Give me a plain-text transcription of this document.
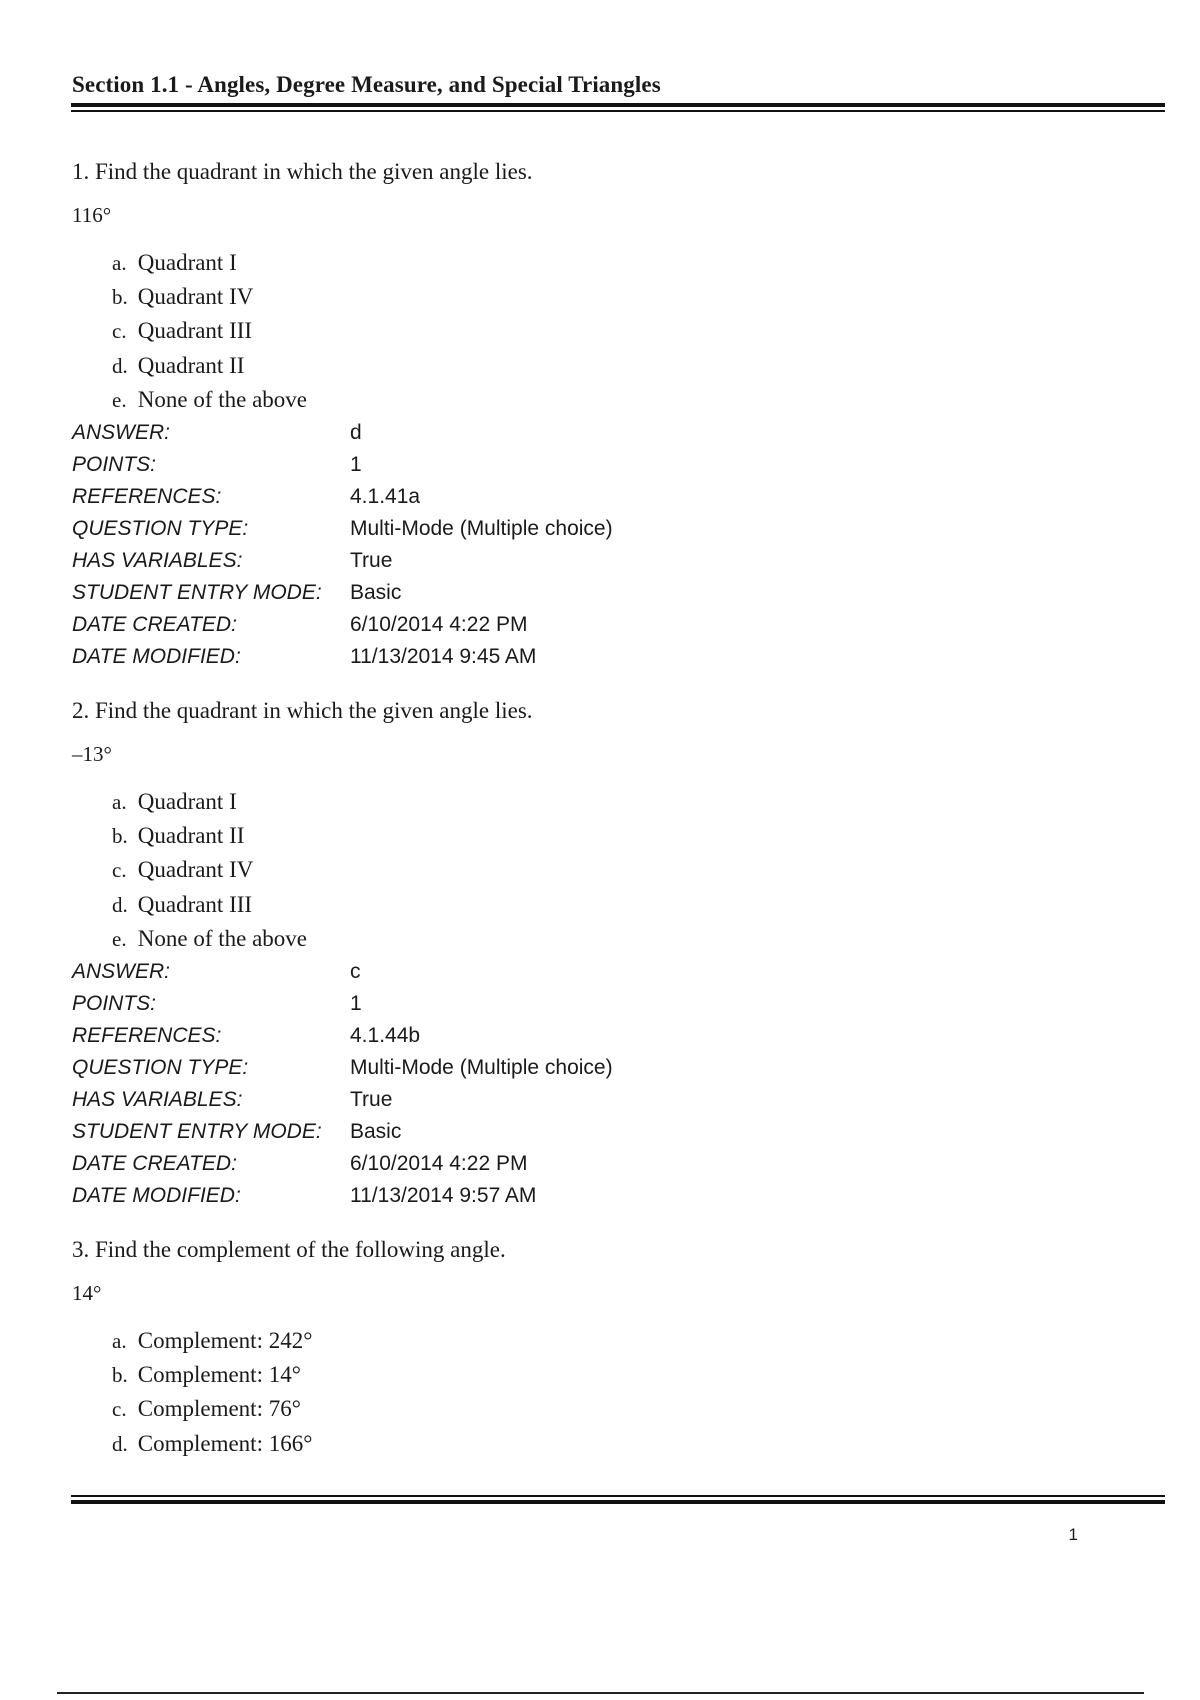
Section 1.1 - Angles, Degree Measure, and Special Triangles
1. Find the quadrant in which the given angle lies.
116°
a. Quadrant I
b. Quadrant IV
c. Quadrant III
d. Quadrant II
e. None of the above
ANSWER:	d
POINTS:	1
REFERENCES:	4.1.41a
QUESTION TYPE:	Multi-Mode (Multiple choice)
HAS VARIABLES:	True
STUDENT ENTRY MODE: Basic
DATE CREATED:	6/10/2014 4:22 PM
DATE MODIFIED:	11/13/2014 9:45 AM
2. Find the quadrant in which the given angle lies.
–13°
a. Quadrant I
b. Quadrant II
c. Quadrant IV
d. Quadrant III
e. None of the above
ANSWER:	c
POINTS:	1
REFERENCES:	4.1.44b
QUESTION TYPE:	Multi-Mode (Multiple choice)
HAS VARIABLES:	True
STUDENT ENTRY MODE: Basic
DATE CREATED:	6/10/2014 4:22 PM
DATE MODIFIED:	11/13/2014 9:57 AM
3. Find the complement of the following angle.
14°
a. Complement: 242°
b. Complement: 14°
c. Complement: 76°
d. Complement: 166°
1
